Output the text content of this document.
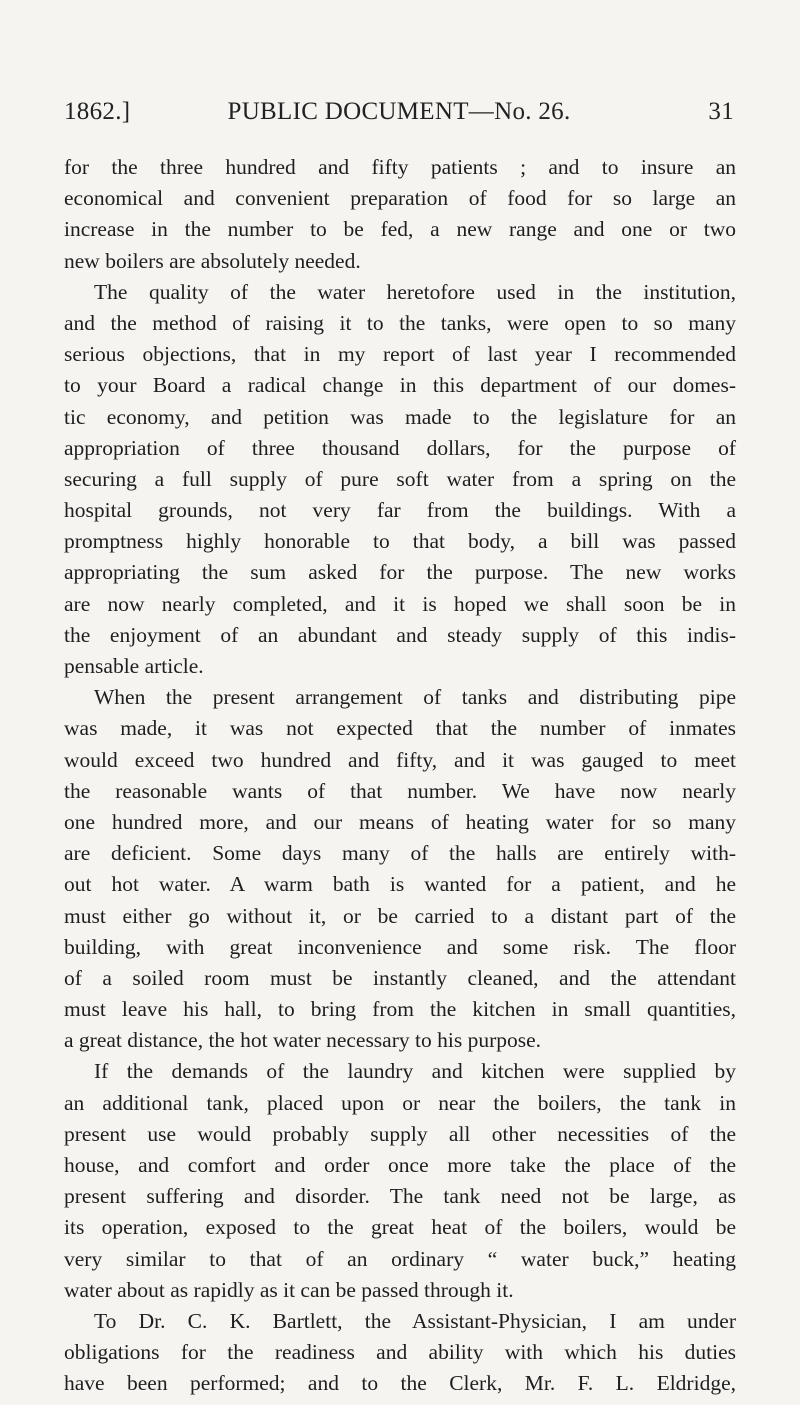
PUBLIC DOCUMENT—No. 26.
1862.]	31
for the three hundred and fifty patients ; and to insure an
economical and convenient preparation of food for so large an
increase in the number to be fed, a new range and one or two
new boilers are absolutely needed.
The quality of the water heretofore used in the institution,
and the method of raising it to the tanks, were open to so many
serious objections, that in my report of last year I recommended
to your Board a radical change in this department of our domes-
tic economy, and petition was made to the legislature for an
appropriation of three thousand dollars, for the purpose of
securing a full supply of pure soft water from a spring on the
hospital grounds, not very far from the buildings. With a
promptness highly honorable to that body, a bill was passed
appropriating the sum asked for the purpose. The new works
are now nearly completed, and it is hoped we shall soon be in
the enjoyment of an abundant and steady supply of this indis-
pensable article.
When the present arrangement of tanks and distributing pipe
was made, it was not expected that the number of inmates
would exceed two hundred and fifty, and it was gauged to meet
the reasonable wants of that number. We have now nearly
one hundred more, and our means of heating water for so many
are deficient. Some days many of the halls are entirely with-
out hot water. A warm bath is wanted for a patient, and he
must either go without it, or be carried to a distant part of the
building, with great inconvenience and some risk. The floor
of a soiled room must be instantly cleaned, and the attendant
must leave his hall, to bring from the kitchen in small quantities,
a great distance, the hot water necessary to his purpose.
If the demands of the laundry and kitchen were supplied by
an additional tank, placed upon or near the boilers, the tank in
present use would probably supply all other necessities of the
house, and comfort and order once more take the place of the
present suffering and disorder. The tank need not be large, as
its operation, exposed to the great heat of the boilers, would be
very similar to that of an ordinary “ water buck,” heating
water about as rapidly as it can be passed through it.
To Dr. C. K. Bartlett, the Assistant-Physician, I am under
obligations for the readiness and ability with which his duties
have been performed; and to the Clerk, Mr. F. L. Eldridge,
